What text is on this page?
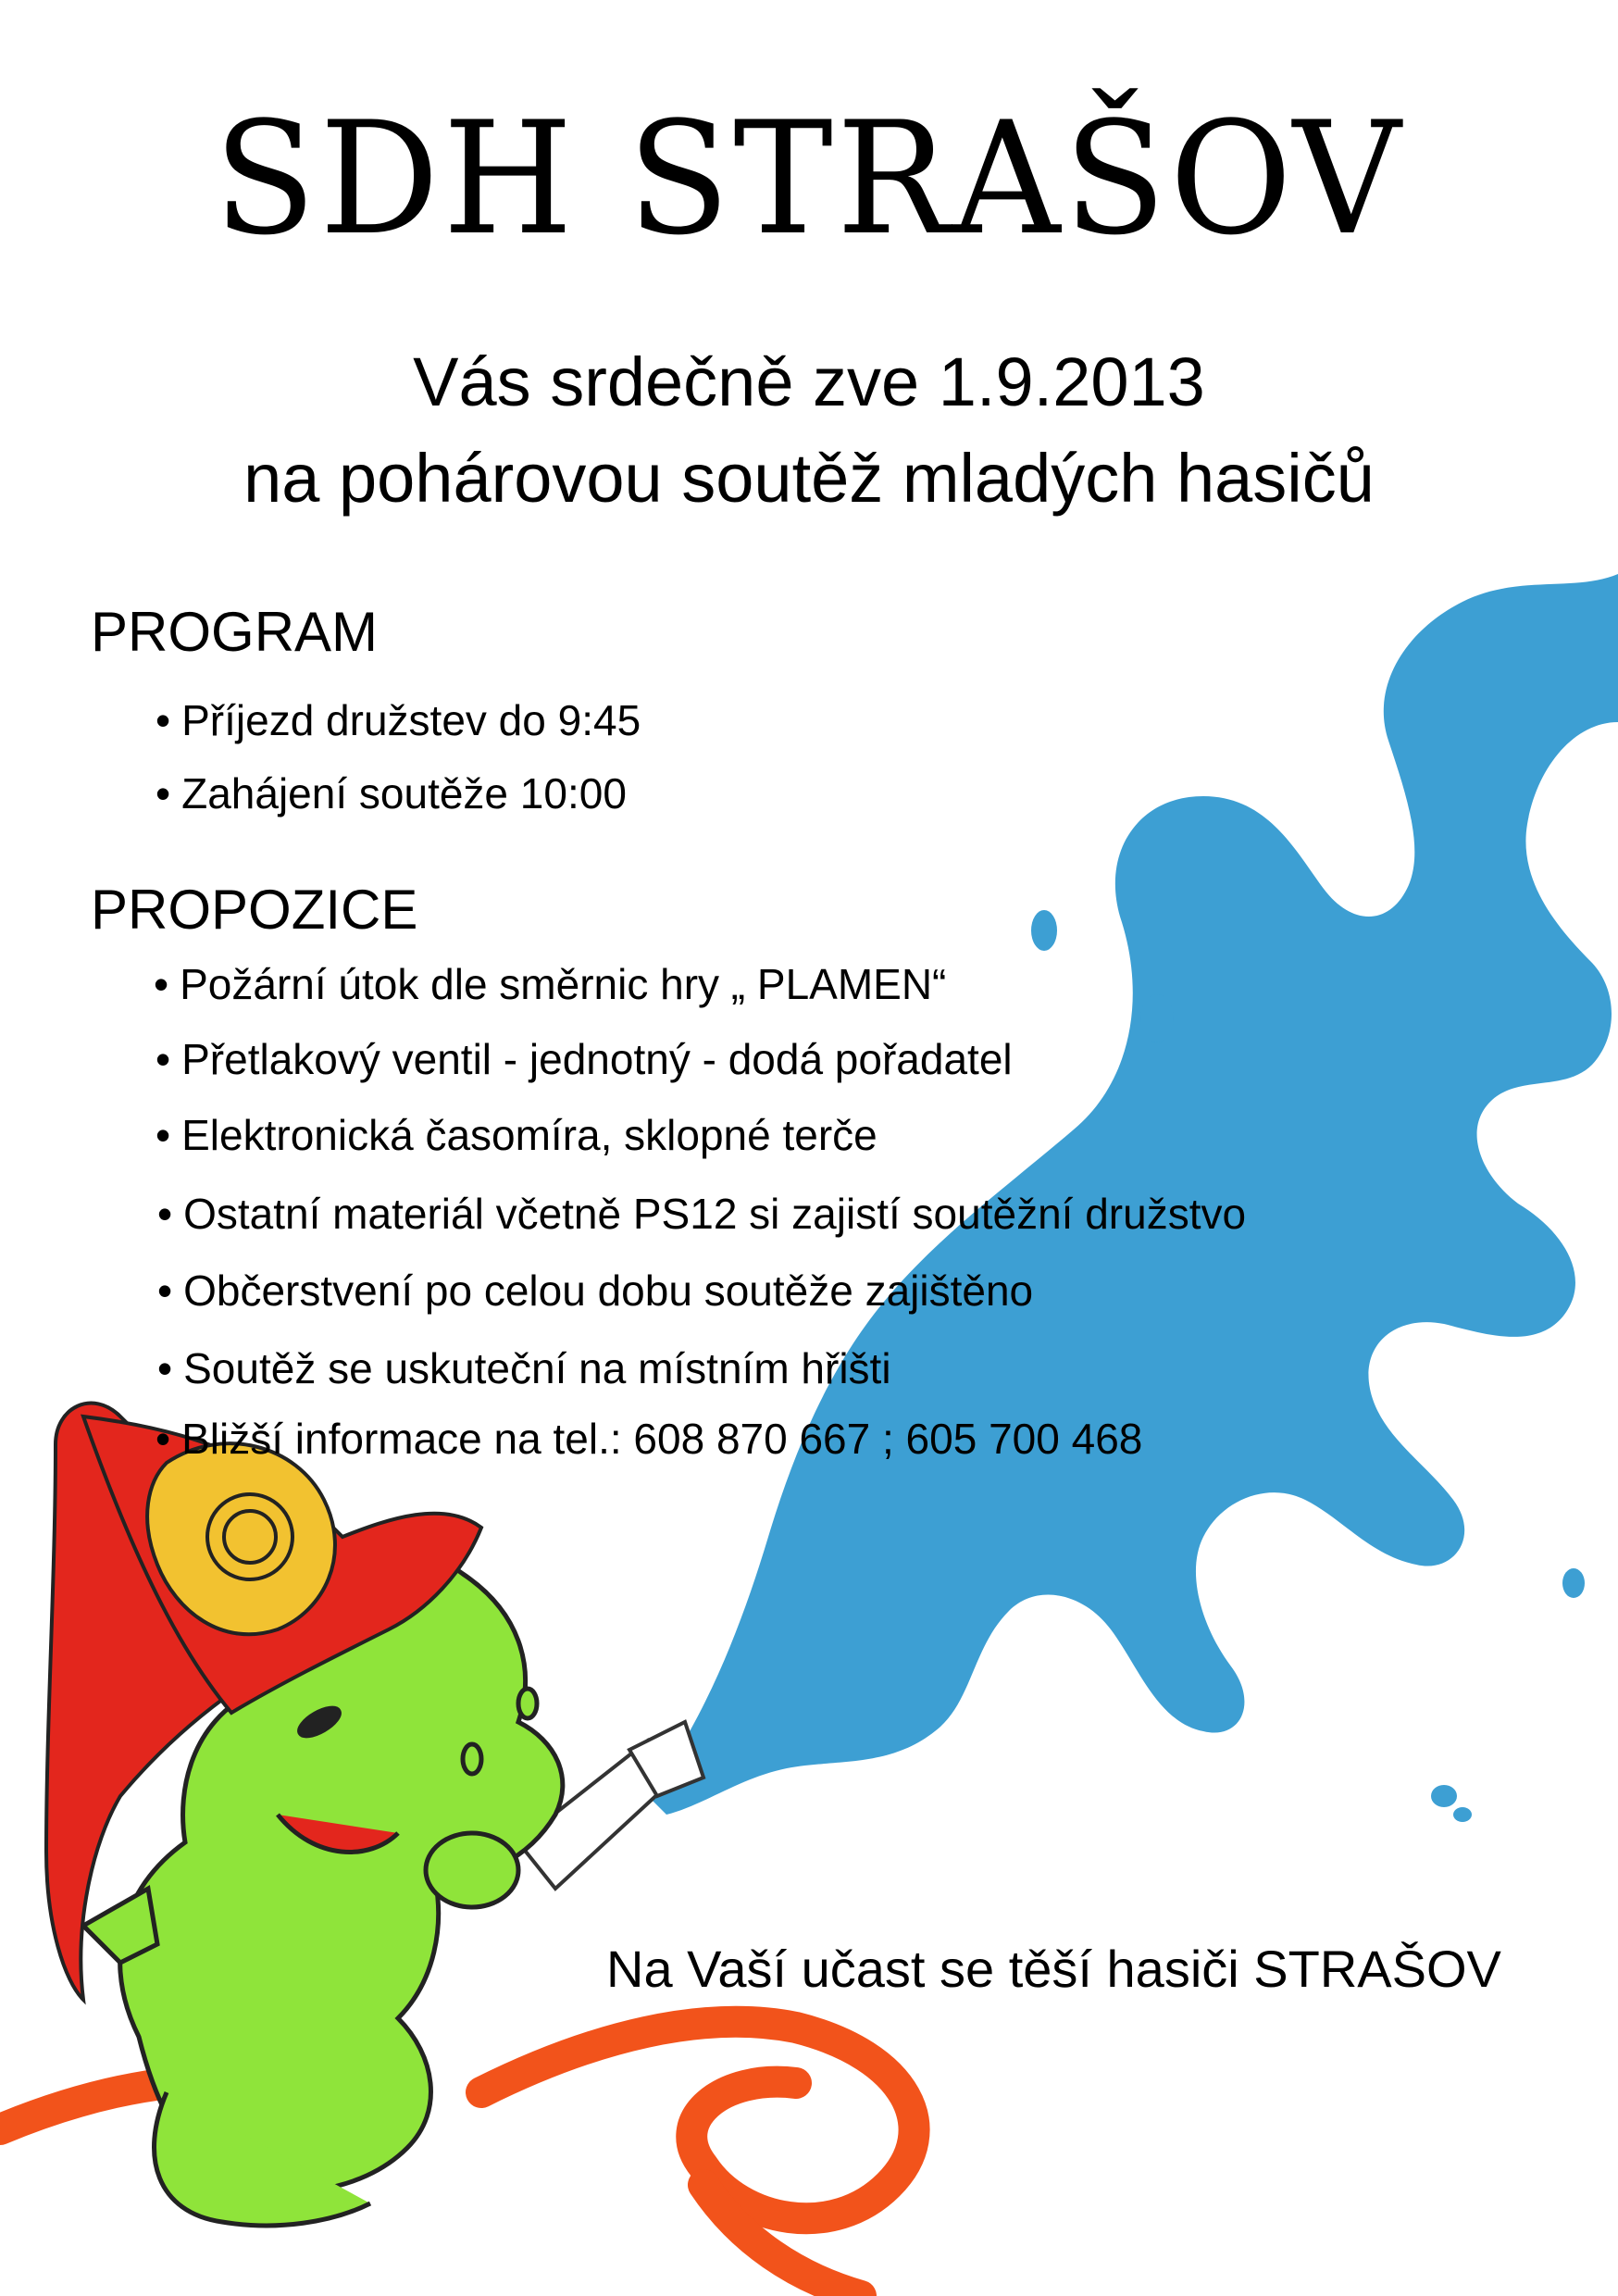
SDH STRAŠOV
Vás srdečně zve 1.9.2013
na pohárovou soutěž mladých hasičů
PROGRAM
• Příjezd družstev do 9:45
• Zahájení soutěže 10:00
PROPOZICE
• Požární útok dle směrnic hry „ PLAMEN“
• Přetlakový ventil - jednotný - dodá pořadatel
• Elektronická časomíra, sklopné terče
• Ostatní materiál včetně PS12 si zajistí soutěžní družstvo
• Občerstvení po celou dobu soutěže zajištěno
• Soutěž se uskuteční na místním hřišti
• Bližší informace na tel.: 608 870 667 ; 605 700 468
Na Vaší učast se těší hasiči STRAŠOV
